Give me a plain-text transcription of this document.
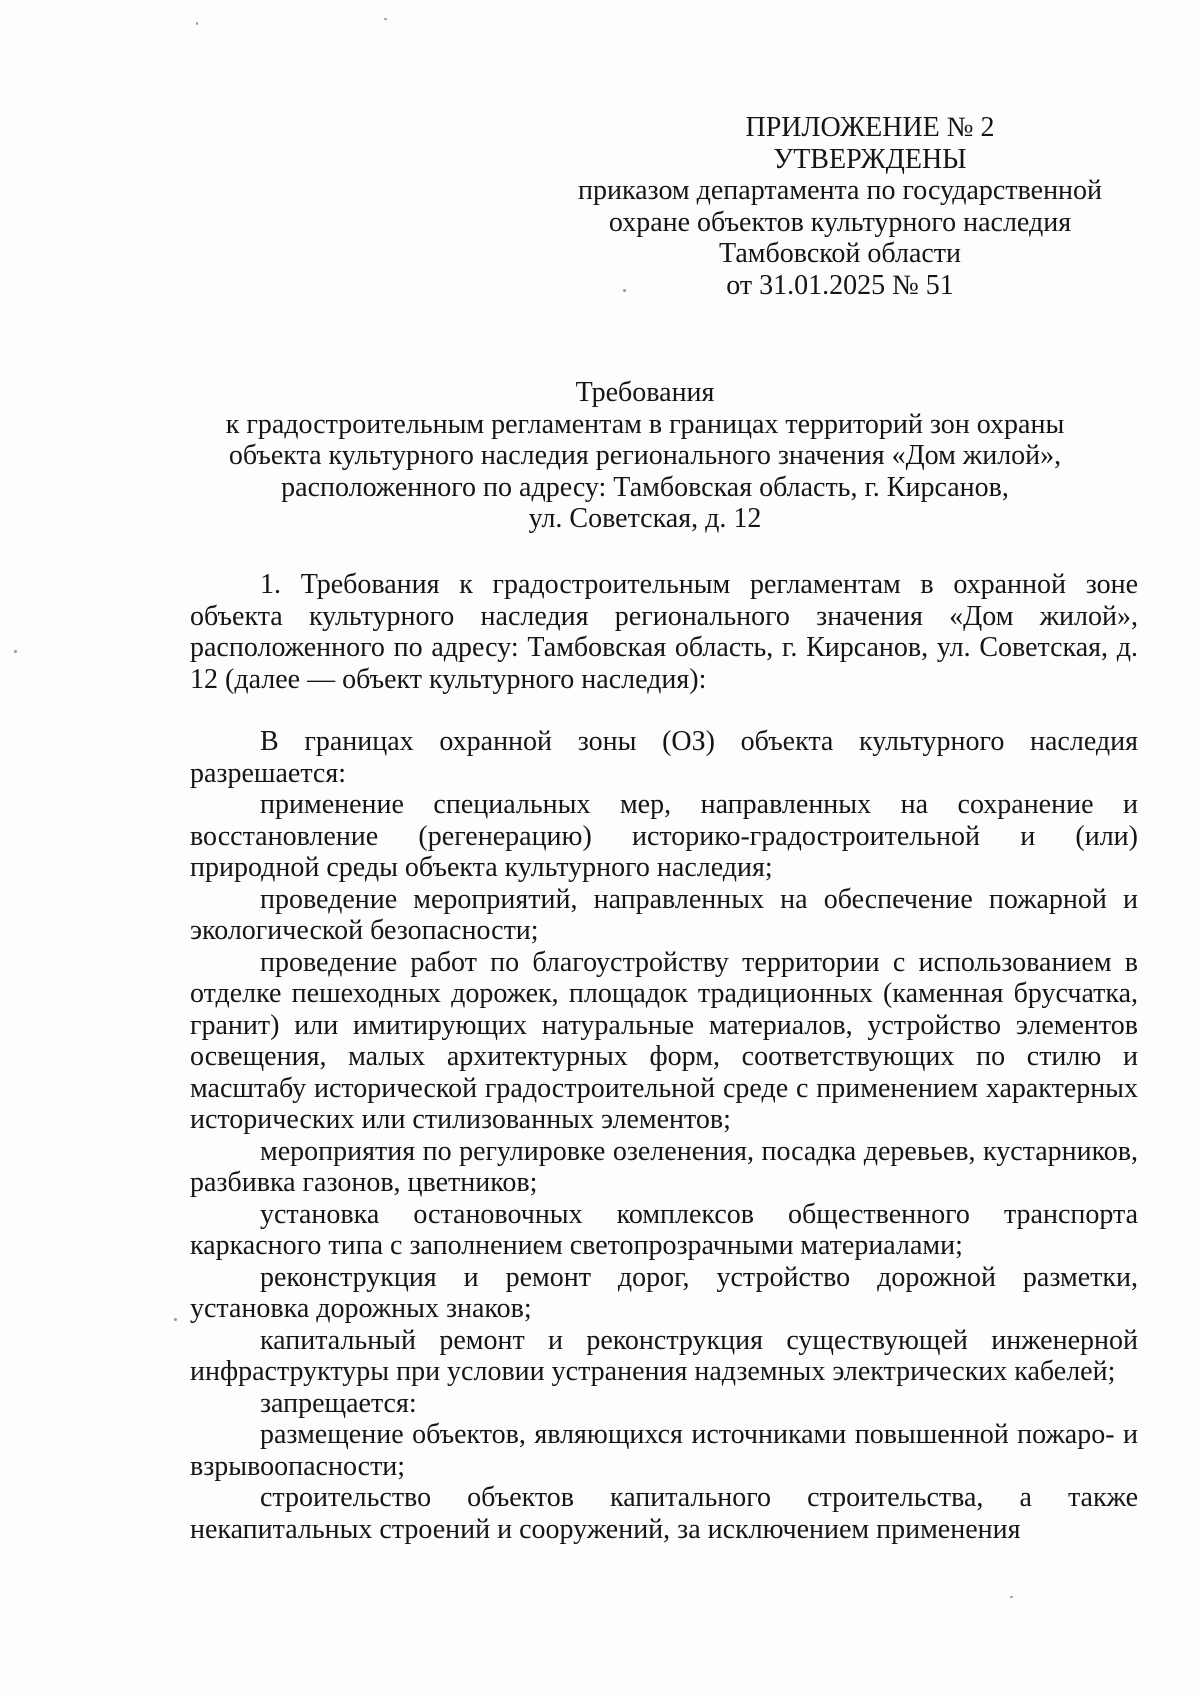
ПРИЛОЖЕНИЕ № 2
УТВЕРЖДЕНЫ
приказом департамента по государственной
охране объектов культурного наследия
Тамбовской области
от 31.01.2025 № 51
Требования
к градостроительным регламентам в границах территорий зон охраны
объекта культурного наследия регионального значения «Дом жилой»,
расположенного по адресу: Тамбовская область, г. Кирсанов,
ул. Советская, д. 12

1. Требования к градостроительным регламентам в охранной зоне объекта культурного наследия регионального значения «Дом жилой», расположенного по адресу: Тамбовская область, г. Кирсанов, ул. Советская, д. 12 (далее — объект культурного наследия):

В границах охранной зоны (ОЗ) объекта культурного наследия разрешается:

применение специальных мер, направленных на сохранение и восстановление (регенерацию) историко-градостроительной и (или) природной среды объекта культурного наследия;

проведение мероприятий, направленных на обеспечение пожарной и экологической безопасности;

проведение работ по благоустройству территории с использованием в отделке пешеходных дорожек, площадок традиционных (каменная брусчатка, гранит) или имитирующих натуральные материалов, устройство элементов освещения, малых архитектурных форм, соответствующих по стилю и масштабу исторической градостроительной среде с применением характерных исторических или стилизованных элементов;

мероприятия по регулировке озеленения, посадка деревьев, кустарников, разбивка газонов, цветников;

установка остановочных комплексов общественного транспорта каркасного типа с заполнением светопрозрачными материалами;

реконструкция и ремонт дорог, устройство дорожной разметки, установка дорожных знаков;

капитальный ремонт и реконструкция существующей инженерной инфраструктуры при условии устранения надземных электрических кабелей;

запрещается:

размещение объектов, являющихся источниками повышенной пожаро- и взрывоопасности;

строительство объектов капитального строительства, а также некапитальных строений и сооружений, за исключением применения
